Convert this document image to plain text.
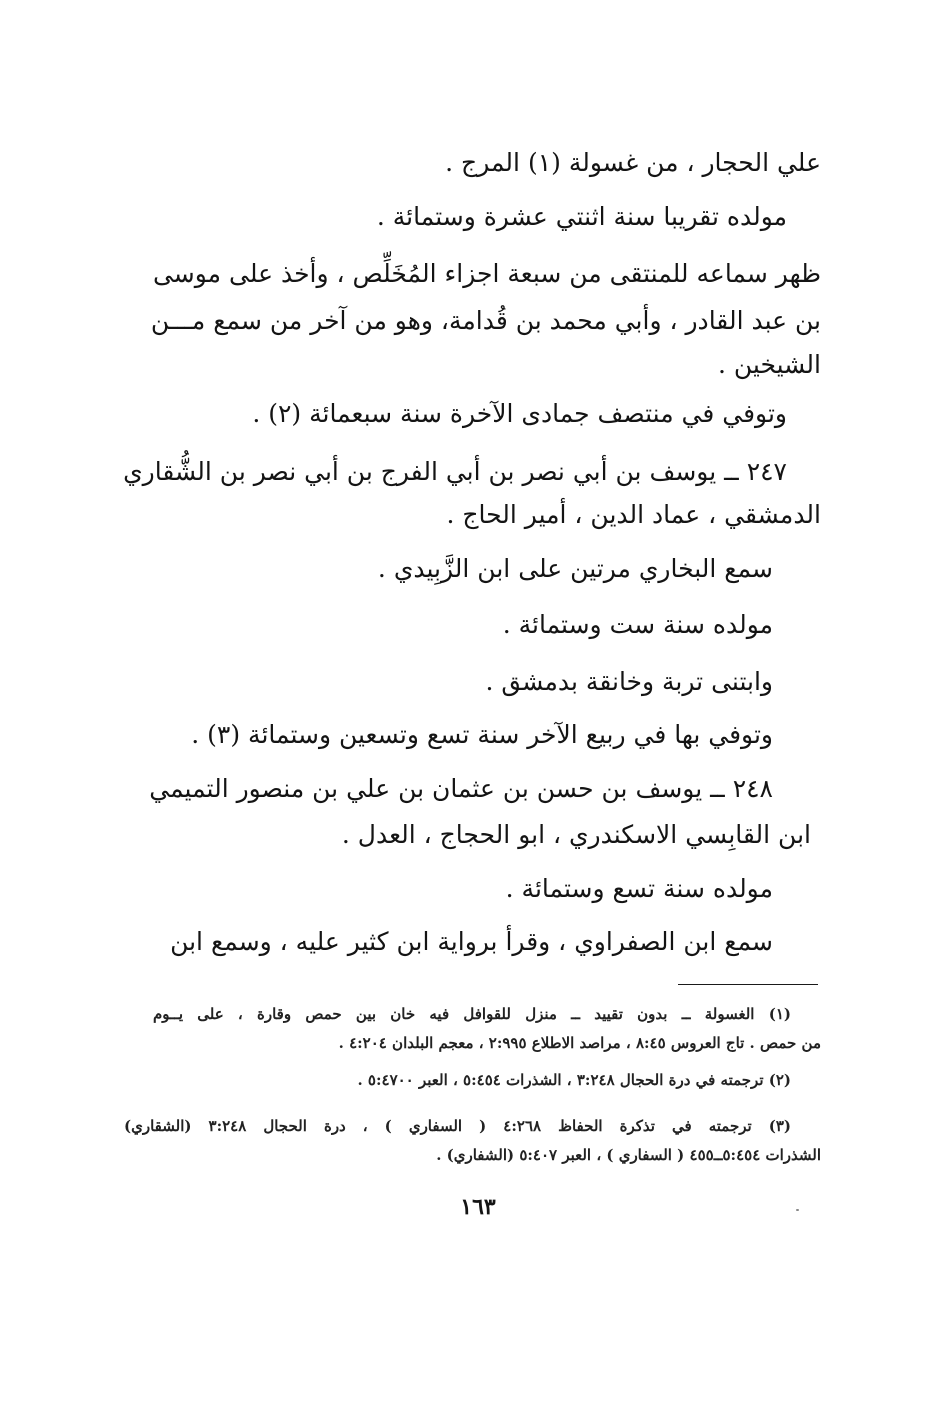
علي الحجار ، من غسولة (١) المرج .
مولده تقريبا سنة اثنتي عشرة وستمائة .
ظهر سماعه للمنتقى من سبعة اجزاء المُخَلِّص ، وأخذ على موسى
بن عبد القادر ، وأبي محمد بن قُدامة، وهو من آخر من سمع مـــن
الشيخين .
وتوفي في منتصف جمادى الآخرة سنة سبعمائة (٢) .
٢٤٧ ــ يوسف بن أبي نصر بن أبي الفرج بن أبي نصر بن الشُّقاري
الدمشقي ، عماد الدين ، أمير الحاج .
سمع البخاري مرتين على ابن الزَّبِيدي .
مولده سنة ست وستمائة .
وابتنى تربة وخانقة بدمشق .
وتوفي بها في ربيع الآخر سنة تسع وتسعين وستمائة (٣) .
٢٤٨ ــ يوسف بن حسن بن عثمان بن علي بن منصور التميمي
ابن القابِسي الاسكندري ، ابو الحجاج ، العدل .
مولده سنة تسع وستمائة .
سمع ابن الصفراوي ، وقرأ برواية ابن كثير عليه ، وسمع ابن
(١) الغسولة ــ بدون تقييد ــ منزل للقوافل فيه خان بين حمص وقارة ، على يــوم
من حمص . تاج العروس ٨:٤٥ ، مراصد الاطلاع ٢:٩٩٥ ، معجم البلدان ٤:٢٠٤ .
(٢) ترجمته في درة الحجال ٣:٢٤٨ ، الشذرات ٥:٤٥٤ ، العبر ٥:٤٧٠٠ .
(٣) ترجمته في تذكرة الحفاظ ٤:٢٦٨ ( السفاري ) ، درة الحجال ٣:٢٤٨ (الشقاري)
الشذرات ٥:٤٥٤ــ٤٥٥ ( السفاري ) ، العبر ٥:٤٠٧ (الشفاري) .
١٦٣
